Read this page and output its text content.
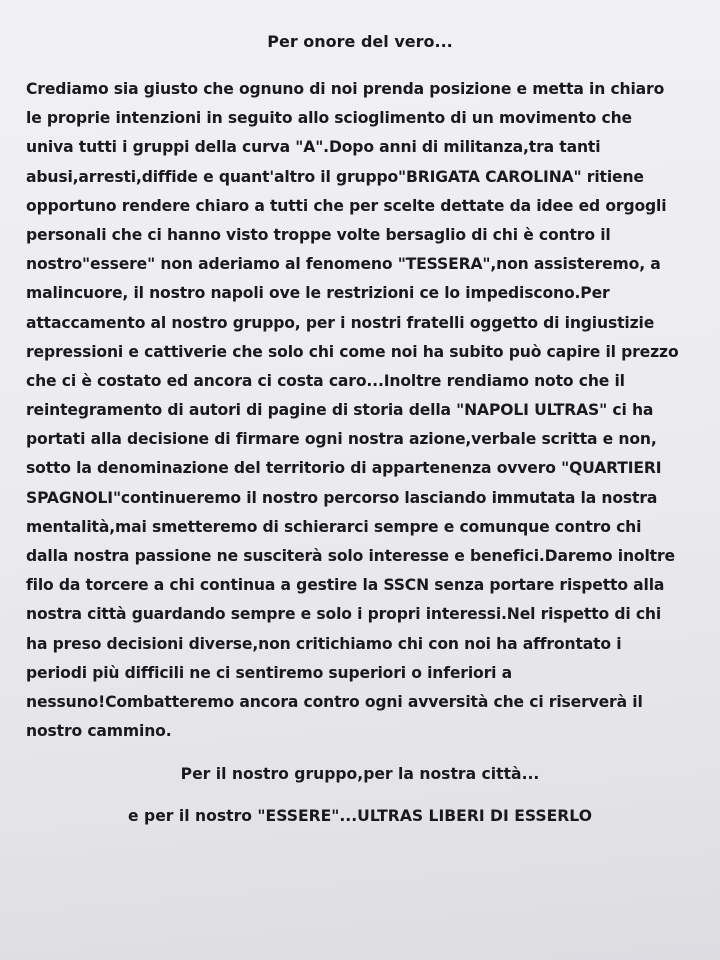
Per onore del vero...
Crediamo sia giusto che ognuno di noi prenda posizione e metta in chiaro
le proprie intenzioni in seguito allo scioglimento di un movimento che
univa tutti i gruppi della curva "A".Dopo anni di militanza,tra tanti
abusi,arresti,diffide e quant'altro il gruppo"BRIGATA CAROLINA" ritiene
opportuno rendere chiaro a tutti che per scelte dettate da idee ed orgogli
personali che ci hanno visto troppe volte bersaglio di chi è contro il
nostro"essere" non aderiamo al fenomeno "TESSERA",non assisteremo, a
malincuore, il nostro napoli ove le restrizioni ce lo impediscono.Per
attaccamento al nostro gruppo, per i nostri fratelli oggetto di ingiustizie
repressioni e cattiverie che solo chi come noi ha subito può capire il prezzo
che ci è costato ed ancora ci costa caro...Inoltre rendiamo noto che il
reintegramento di autori di pagine di storia della "NAPOLI ULTRAS" ci ha
portati alla decisione di firmare ogni nostra azione,verbale scritta e non,
sotto la denominazione del territorio di appartenenza ovvero "QUARTIERI
SPAGNOLI"continueremo il nostro percorso lasciando immutata la nostra
mentalità,mai smetteremo di schierarci sempre e comunque contro chi
dalla nostra passione ne susciterà solo interesse e benefici.Daremo inoltre
filo da torcere a chi continua a gestire la SSCN senza portare rispetto alla
nostra città guardando sempre e solo i propri interessi.Nel rispetto di chi
ha preso decisioni diverse,non critichiamo chi con noi ha affrontato i
periodi più difficili ne ci sentiremo superiori o inferiori a
nessuno!Combatteremo ancora contro ogni avversità che ci riserverà il
nostro cammino.
Per il nostro gruppo,per la nostra città...
e per il nostro "ESSERE"...ULTRAS LIBERI DI ESSERLO
